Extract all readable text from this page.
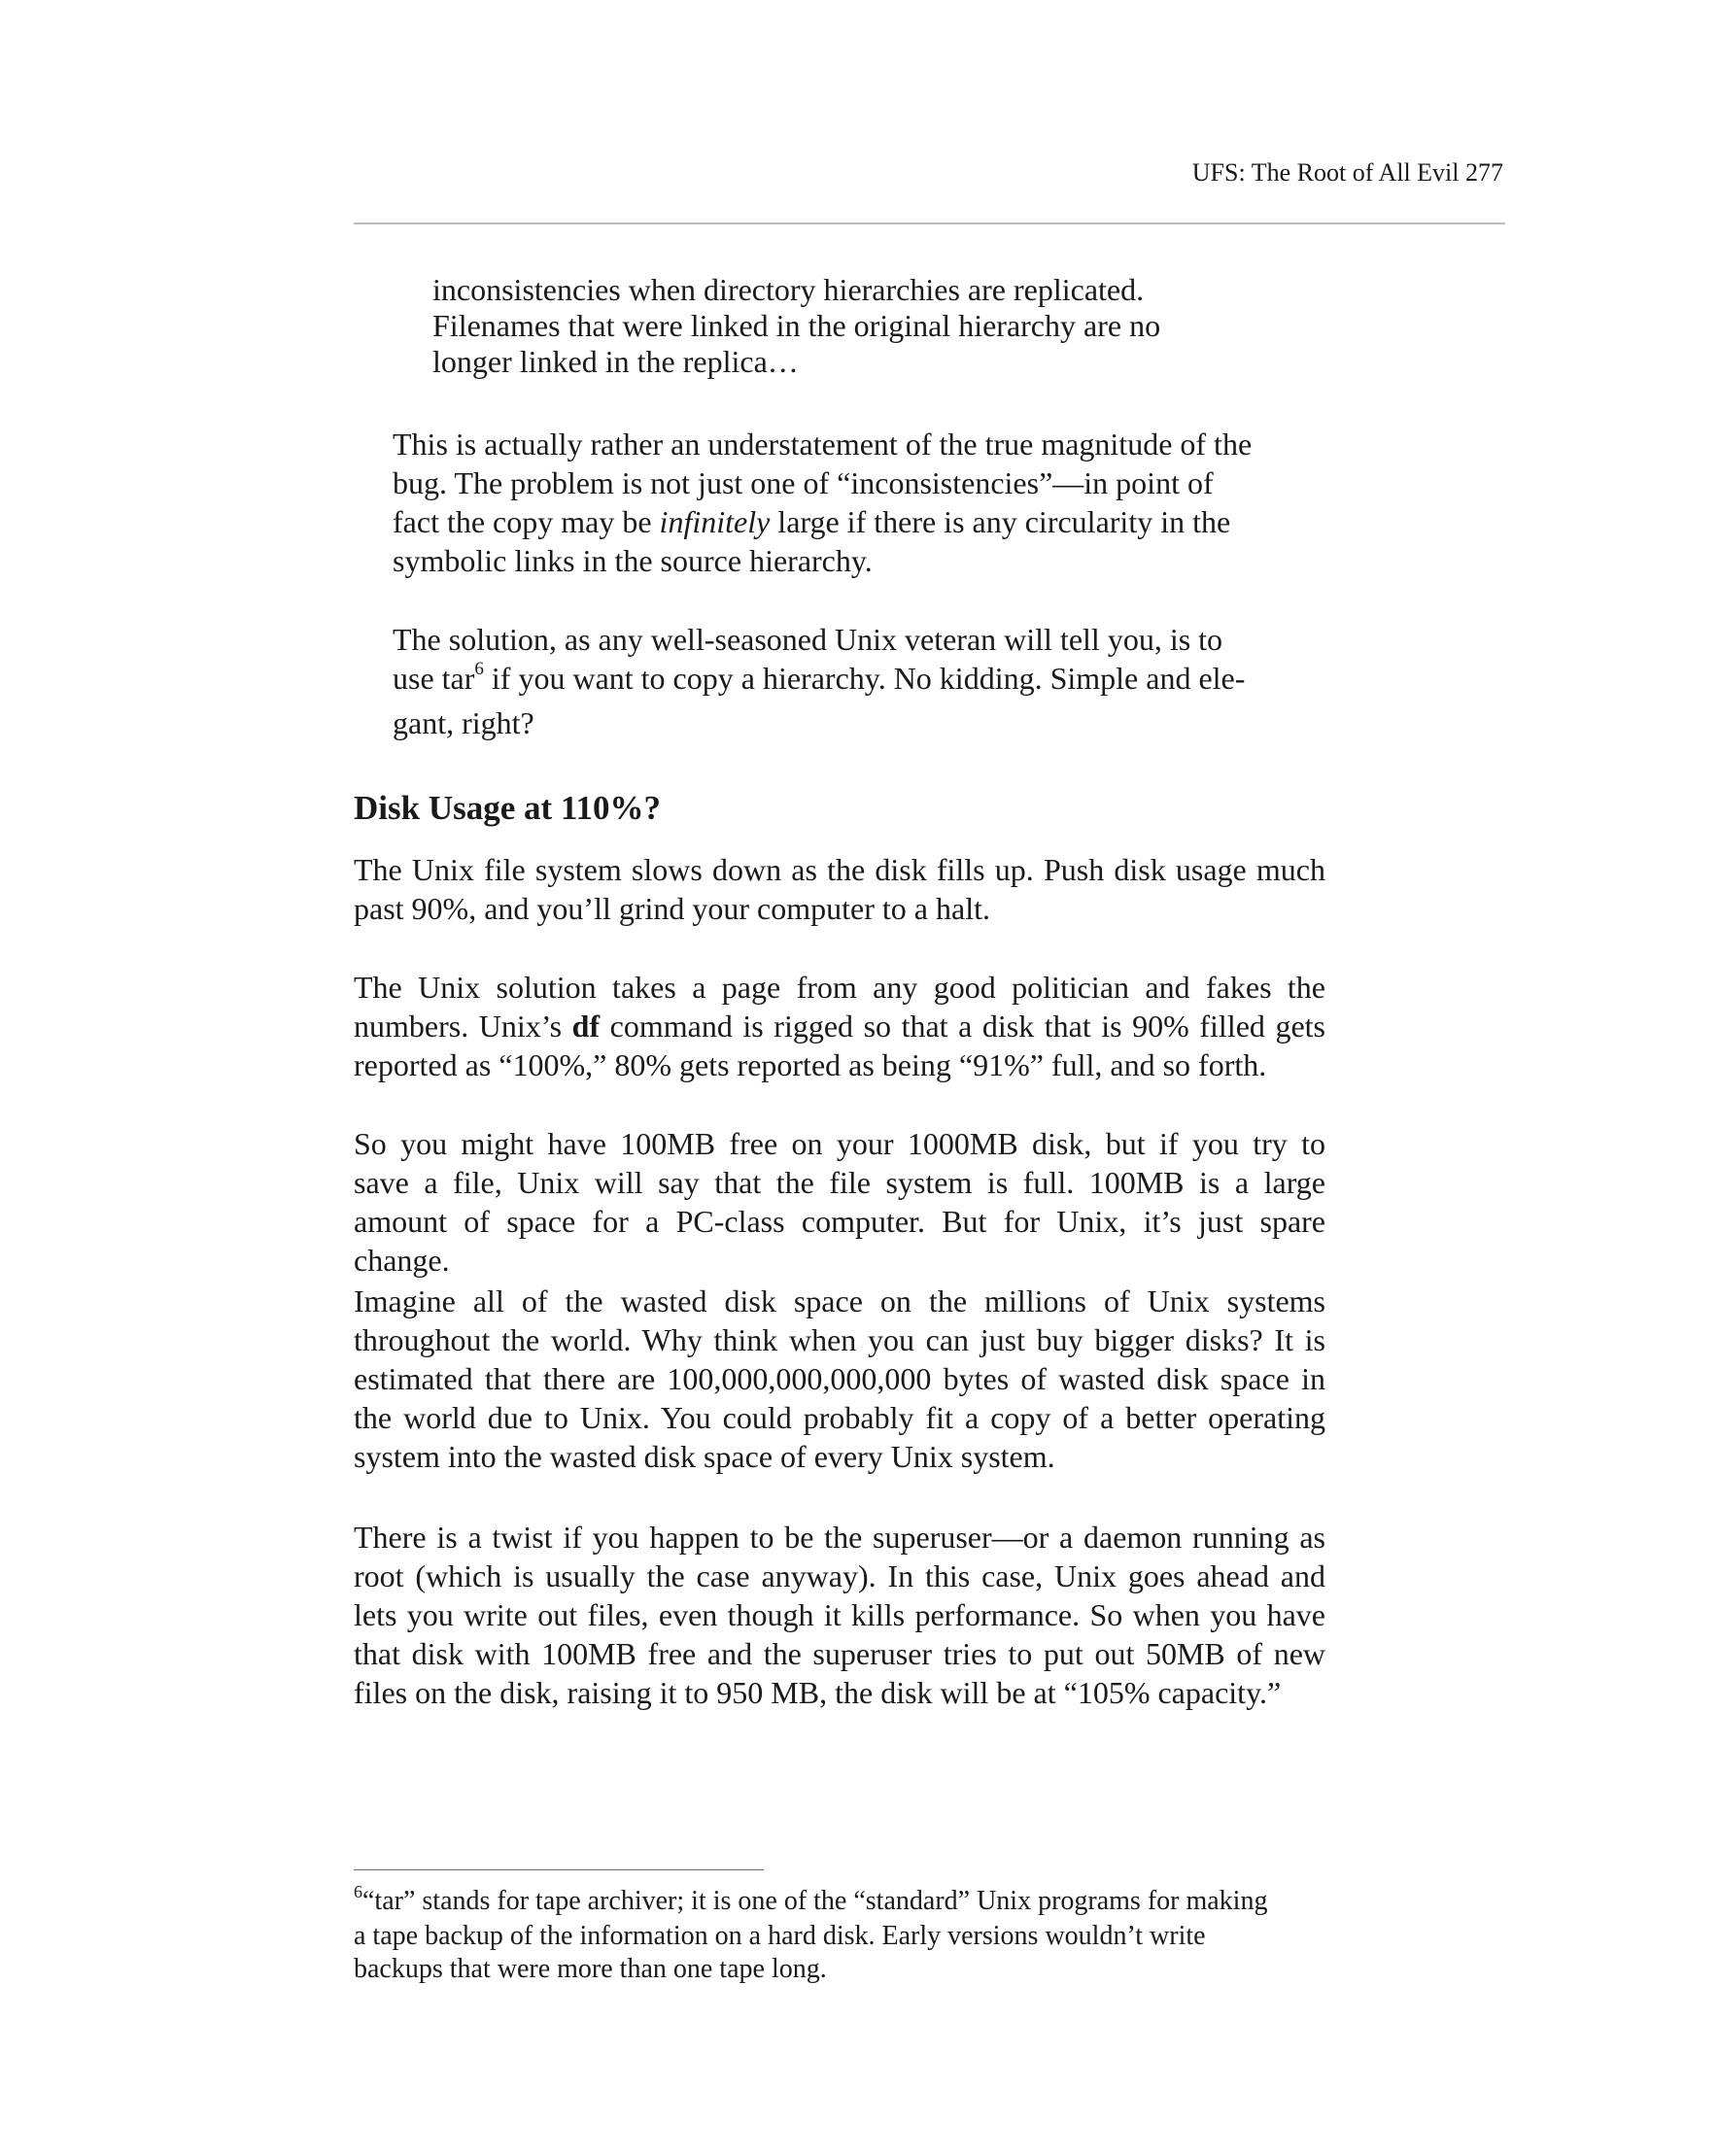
UFS: The Root of All Evil 277
inconsistencies when directory hierarchies are replicated.
Filenames that were linked in the original hierarchy are no
longer linked in the replica…
This is actually rather an understatement of the true magnitude of the
bug. The problem is not just one of “inconsistencies”—in point of
fact the copy may be infinitely large if there is any circularity in the
symbolic links in the source hierarchy.
The solution, as any well-seasoned Unix veteran will tell you, is to
use tar$^6$ if you want to copy a hierarchy. No kidding. Simple and ele-
gant, right?
Disk Usage at 110%?
The Unix file system slows down as the disk fills up. Push disk usage much
past 90%, and you’ll grind your computer to a halt.
The Unix solution takes a page from any good politician and fakes the
numbers. Unix’s df command is rigged so that a disk that is 90% filled gets
reported as “100%,” 80% gets reported as being “91%” full, and so forth.
So you might have 100MB free on your 1000MB disk, but if you try to
save a file, Unix will say that the file system is full. 100MB is a large
amount of space for a PC-class computer. But for Unix, it’s just spare
change.
Imagine all of the wasted disk space on the millions of Unix systems
throughout the world. Why think when you can just buy bigger disks? It is
estimated that there are 100,000,000,000,000 bytes of wasted disk space in
the world due to Unix. You could probably fit a copy of a better operating
system into the wasted disk space of every Unix system.
There is a twist if you happen to be the superuser—or a daemon running as
root (which is usually the case anyway). In this case, Unix goes ahead and
lets you write out files, even though it kills performance. So when you have
that disk with 100MB free and the superuser tries to put out 50MB of new
files on the disk, raising it to 950 MB, the disk will be at “105% capacity.”
$^6$“tar” stands for tape archiver; it is one of the “standard” Unix programs for making
a tape backup of the information on a hard disk. Early versions wouldn’t write
backups that were more than one tape long.
